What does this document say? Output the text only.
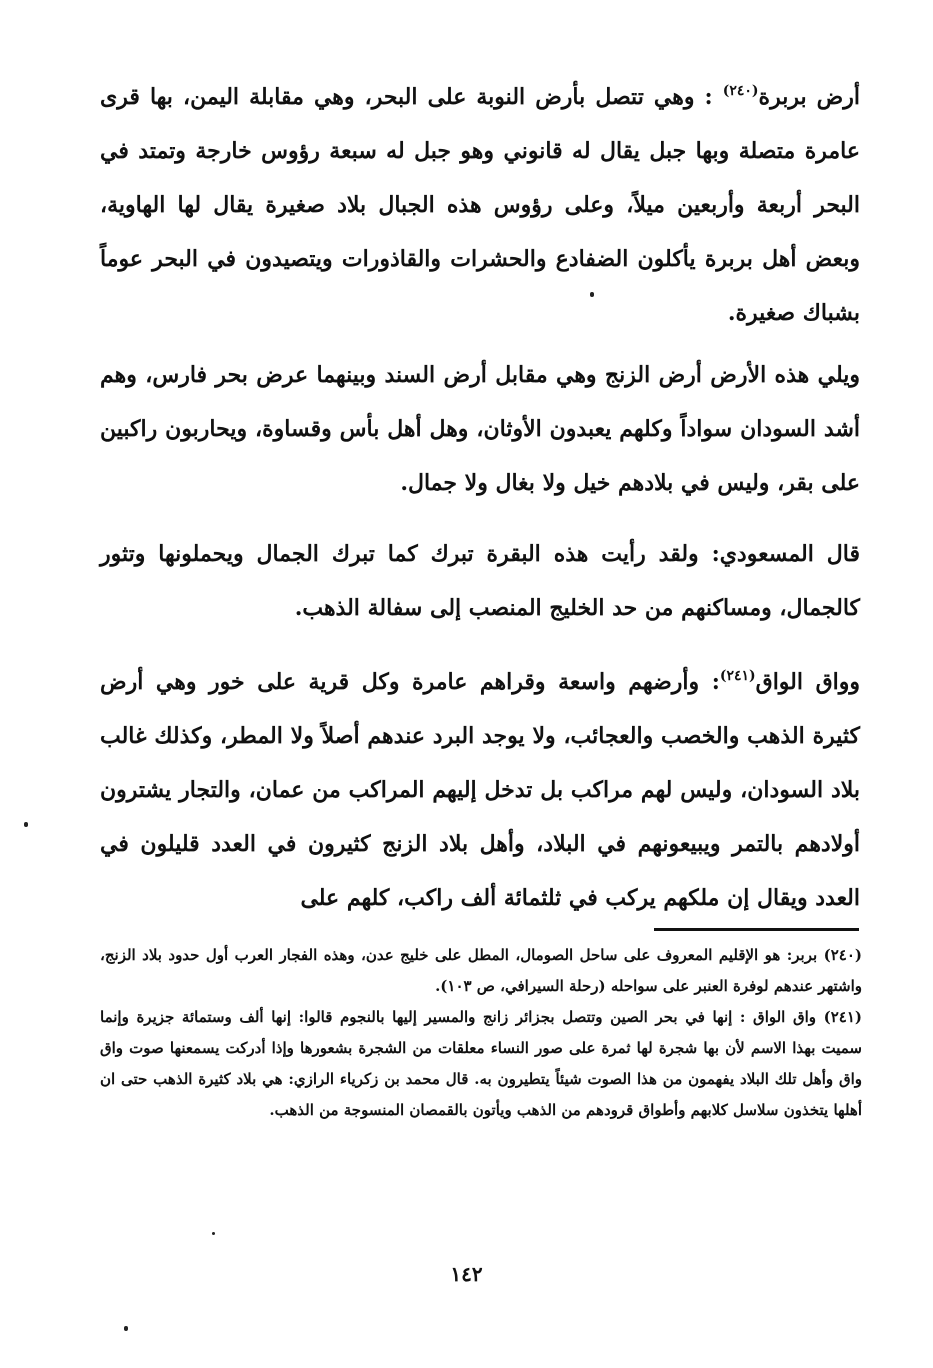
أرض بربرة$^{(٢٤٠)}$ : وهي تتصل بأرض النوبة على البحر، وهي مقابلة اليمن، بها قرى عامرة متصلة وبها جبل يقال له قانوني وهو جبل له سبعة رؤوس خارجة وتمتد في البحر أربعة وأربعين ميلاً، وعلى رؤوس هذه الجبال بلاد صغيرة يقال لها الهاوية، وبعض أهل بربرة يأكلون الضفادع والحشرات والقاذورات ويتصيدون في البحر عوماً بشباك صغيرة.

ويلي هذه الأرض أرض الزنج وهي مقابل أرض السند وبينهما عرض بحر فارس، وهم أشد السودان سواداً وكلهم يعبدون الأوثان، وهل أهل بأس وقساوة، ويحاربون راكبين على بقر، وليس في بلادهم خيل ولا بغال ولا جمال.

قال المسعودي: ولقد رأيت هذه البقرة تبرك كما تبرك الجمال ويحملونها وتثور كالجمال، ومساكنهم من حد الخليج المنصب إلى سفالة الذهب.

وواق الواق$^{(٢٤١)}$: وأرضهم واسعة وقراهم عامرة وكل قرية على خور وهي أرض كثيرة الذهب والخصب والعجائب، ولا يوجد البرد عندهم أصلاً ولا المطر، وكذلك غالب بلاد السودان، وليس لهم مراكب بل تدخل إليهم المراكب من عمان، والتجار يشترون أولادهم بالتمر ويبيعونهم في البلاد، وأهل بلاد الزنج كثيرون في العدد قليلون في العدد ويقال إن ملكهم يركب في ثلثمائة ألف راكب، كلهم على

(٢٤٠) بربر: هو الإقليم المعروف على ساحل الصومال، المطل على خليج عدن، وهذه الفجار العرب أول حدود بلاد الزنج، واشتهر عندهم لوفرة العنبر على سواحله (رحلة السيرافي، ص ١٠٣).

(٢٤١) واق الواق : إنها في بحر الصين وتتصل بجزائر زانج والمسير إليها بالنجوم قالوا: إنها ألف وستمائة جزيرة وإنما سميت بهذا الاسم لأن بها شجرة لها ثمرة على صور النساء معلقات من الشجرة بشعورها وإذا أدركت يسمعنها صوت واق واق وأهل تلك البلاد يفهمون من هذا الصوت شيئاً يتطيرون به. قال محمد بن زكرياء الرازي: هي بلاد كثيرة الذهب حتى ان أهلها يتخذون سلاسل كلابهم وأطواق قرودهم من الذهب ويأتون بالقمصان المنسوجة من الذهب.

١٤٢
